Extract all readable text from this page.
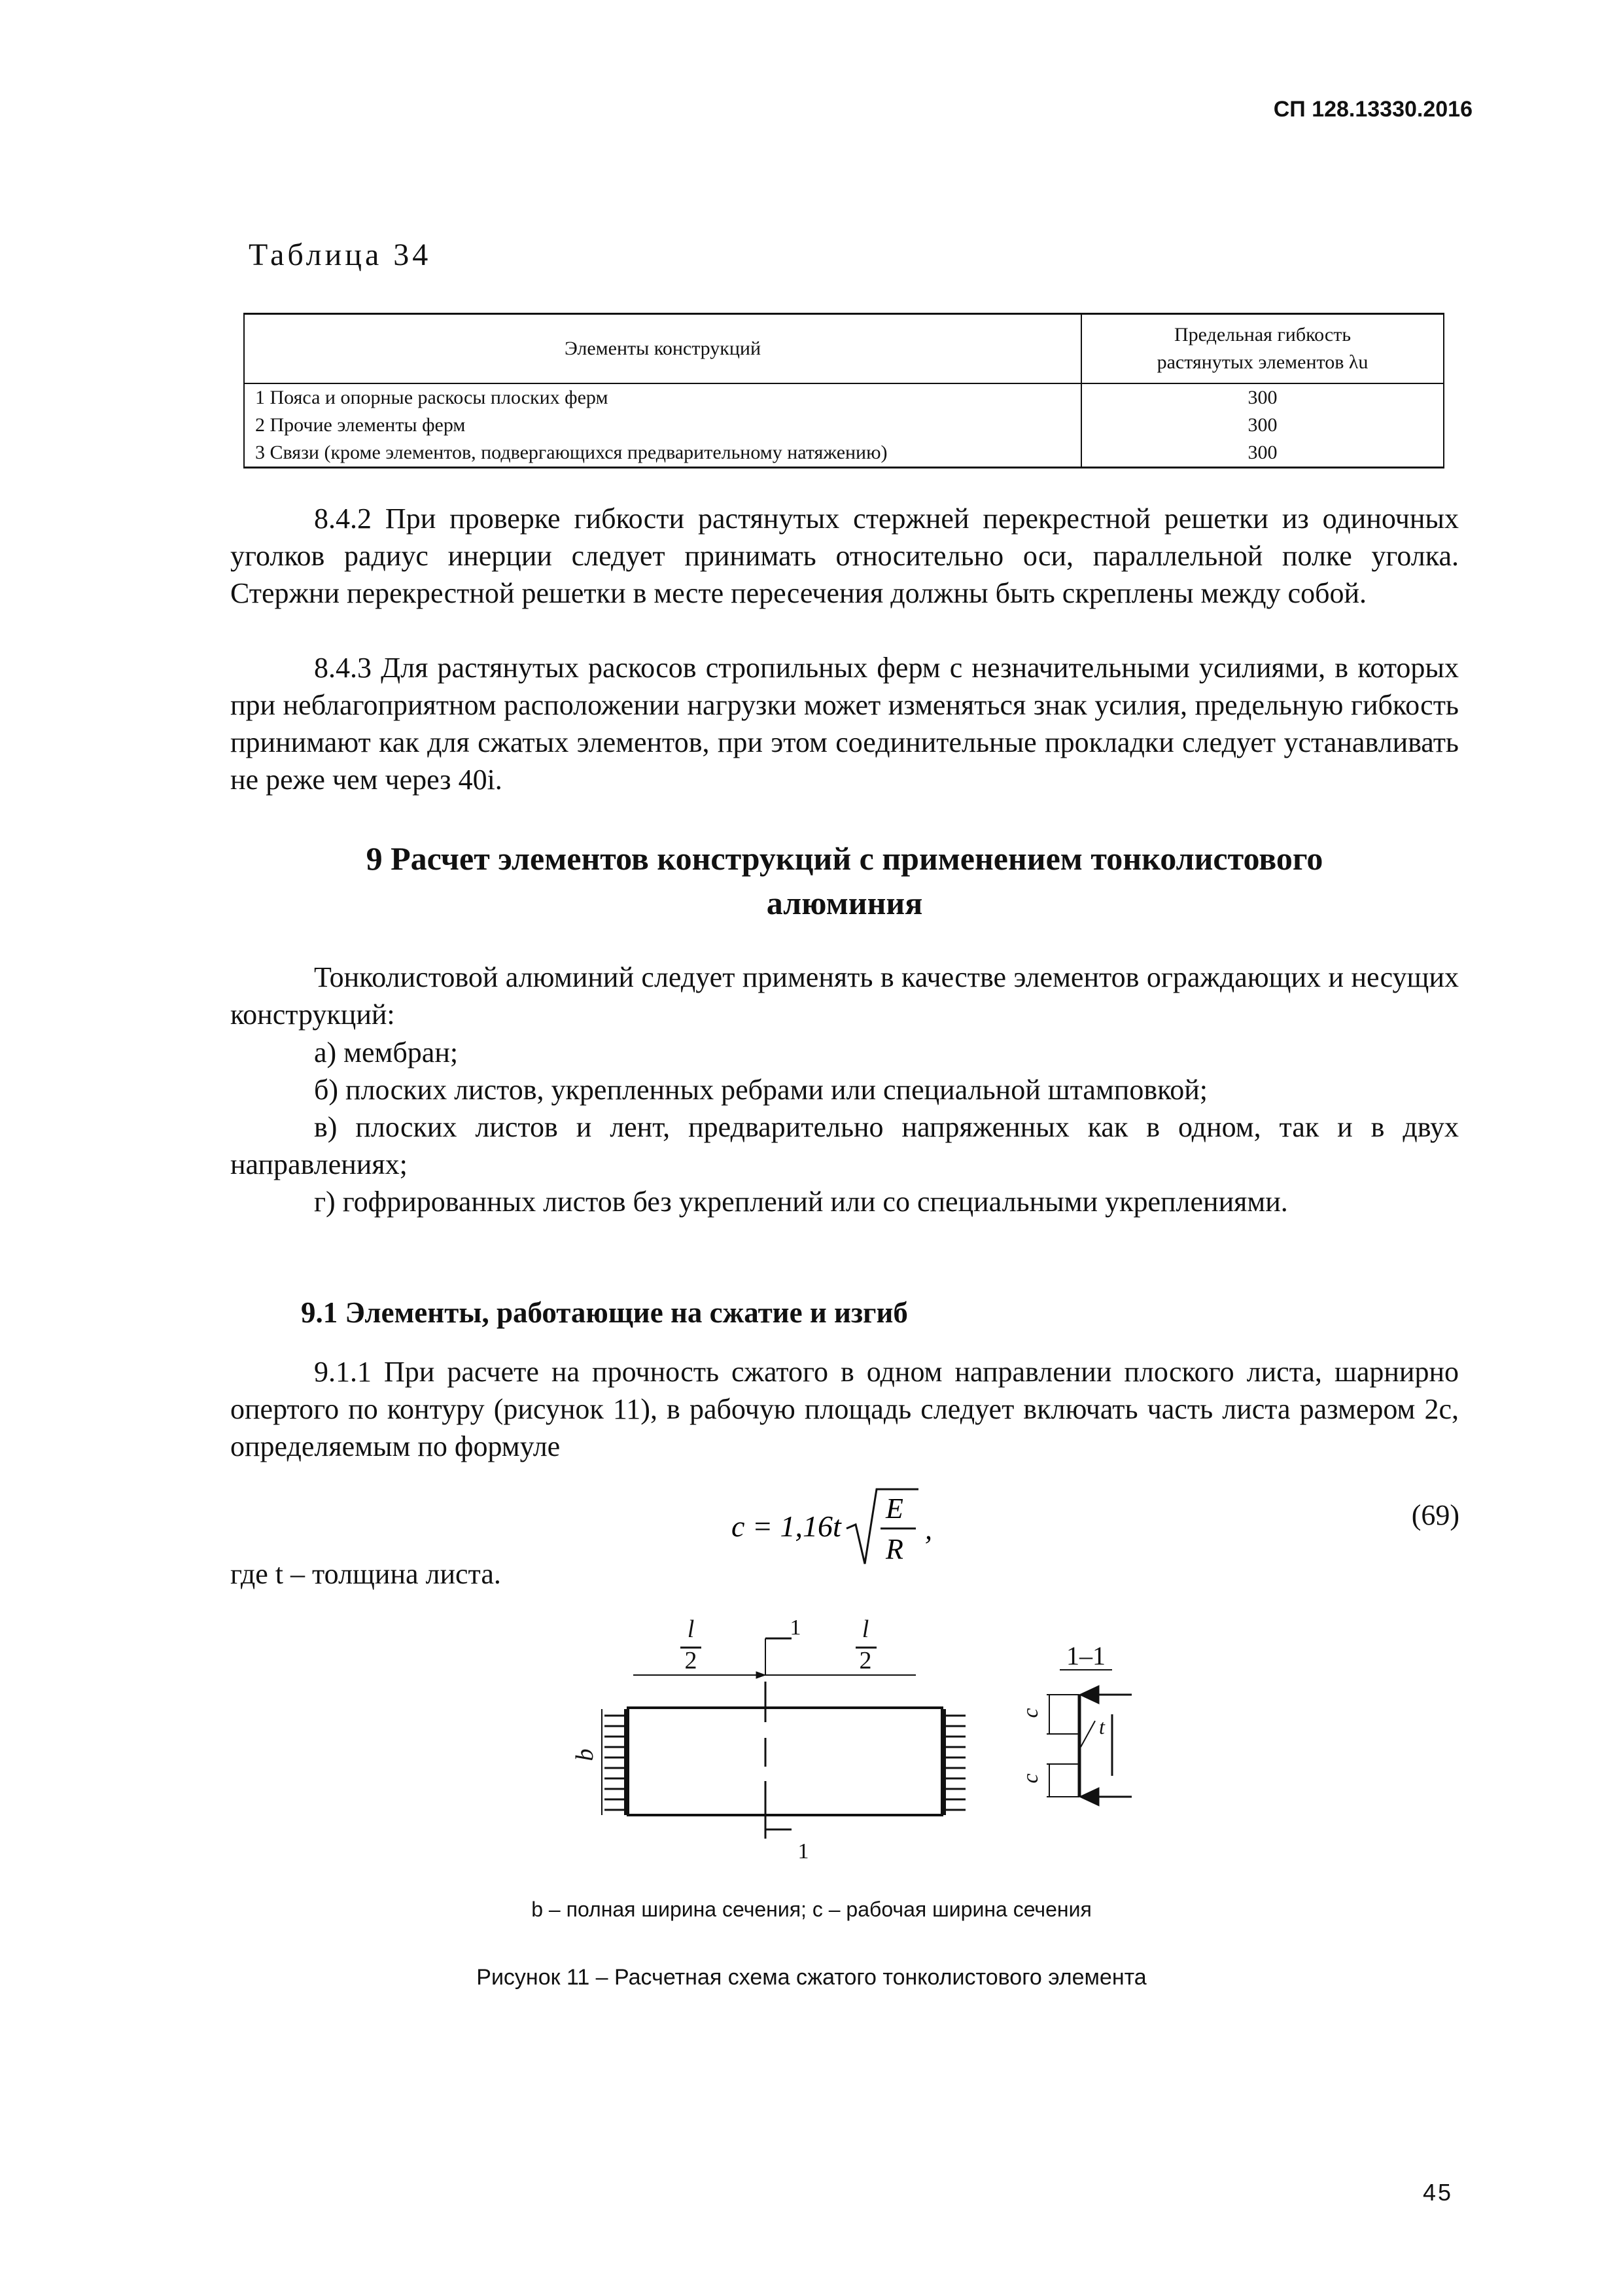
СП 128.13330.2016
Таблица 34
Элементы конструкций	Предельная гибкость
растянутых элементов λu

1 Пояса и опорные раскосы плоских ферм	300
2 Прочие элементы ферм	300
3 Связи (кроме элементов, подвергающихся предварительному натяжению)	300
8.4.2 При проверке гибкости растянутых стержней перекрестной решетки из одиночных уголков радиус инерции следует принимать относительно оси, параллельной полке уголка. Стержни перекрестной решетки в месте пересечения должны быть скреплены между собой.
8.4.3 Для растянутых раскосов стропильных ферм с незначительными усилиями, в которых при неблагоприятном расположении нагрузки может изменяться знак усилия, предельную гибкость принимают как для сжатых элементов, при этом соединительные прокладки следует устанавливать не реже чем через 40i.
9 Расчет элементов конструкций с применением тонколистового
алюминия
Тонколистовой алюминий следует применять в качестве элементов ограждающих и несущих конструкций:
а) мембран;
б) плоских листов, укрепленных ребрами или специальной штамповкой;
в) плоских листов и лент, предварительно напряженных как в одном, так и в двух направлениях;
г) гофрированных листов без укреплений или со специальными укреплениями.
9.1 Элементы, работающие на сжатие и изгиб
9.1.1 При расчете на прочность сжатого в одном направлении плоского листа, шарнирно опертого по контуру (рисунок 11), в рабочую площадь следует включать часть листа размером 2c, определяемым по формуле
c = 1,16t
E
R
,	(69)
где t – толщина листа.
l
2
l
2
1
1
b
1–1
c
c
t
b – полная ширина сечения; c – рабочая ширина сечения
Рисунок 11 – Расчетная схема сжатого тонколистового элемента
45
